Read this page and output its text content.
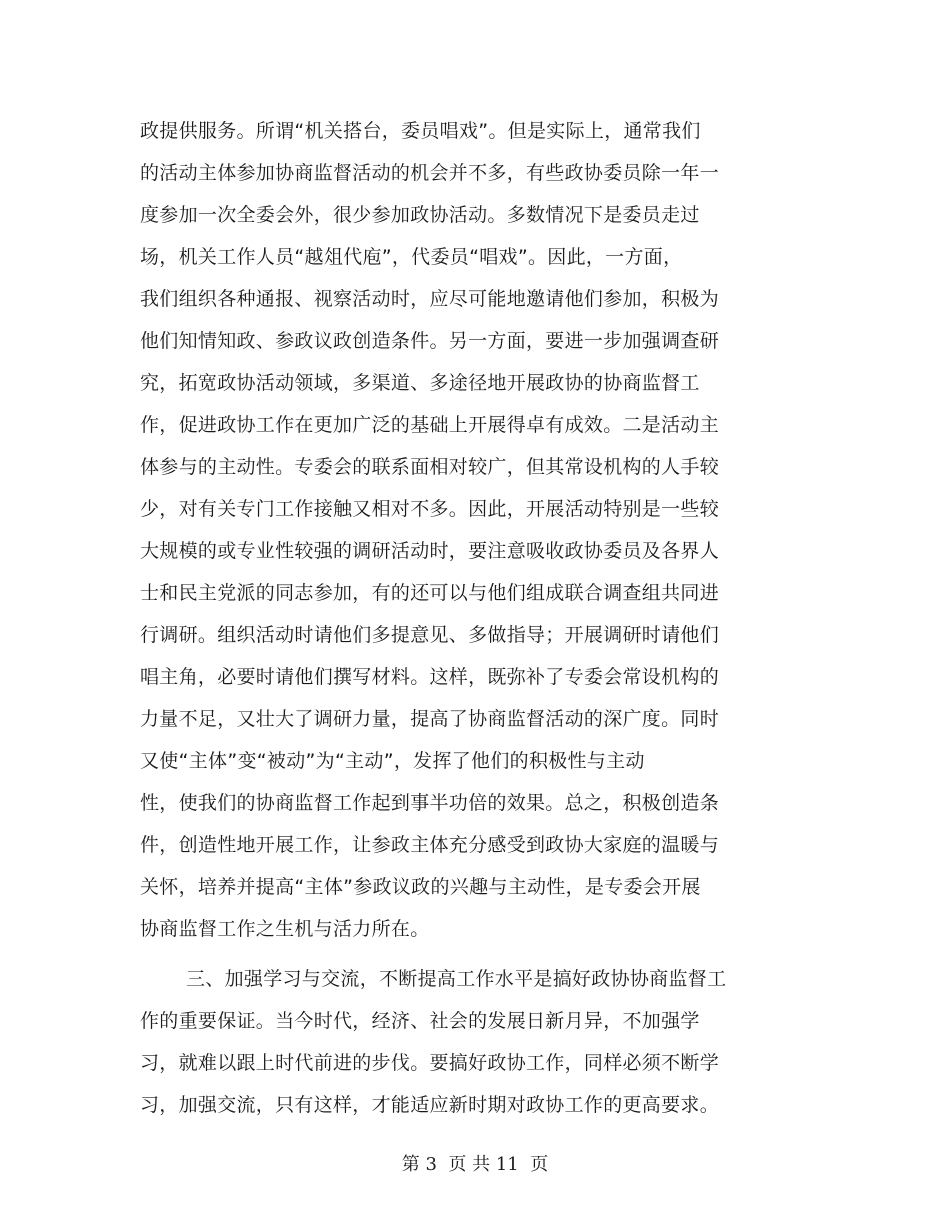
政提供服务。所谓“机关搭台，委员唱戏”。但是实际上，通常我们
的活动主体参加协商监督活动的机会并不多，有些政协委员除一年一
度参加一次全委会外，很少参加政协活动。多数情况下是委员走过
场，机关工作人员“越俎代庖”，代委员“唱戏”。因此，一方面，
我们组织各种通报、视察活动时，应尽可能地邀请他们参加，积极为
他们知情知政、参政议政创造条件。另一方面，要进一步加强调查研
究，拓宽政协活动领域，多渠道、多途径地开展政协的协商监督工
作，促进政协工作在更加广泛的基础上开展得卓有成效。二是活动主
体参与的主动性。专委会的联系面相对较广，但其常设机构的人手较
少，对有关专门工作接触又相对不多。因此，开展活动特别是一些较
大规模的或专业性较强的调研活动时，要注意吸收政协委员及各界人
士和民主党派的同志参加，有的还可以与他们组成联合调查组共同进
行调研。组织活动时请他们多提意见、多做指导；开展调研时请他们
唱主角，必要时请他们撰写材料。这样，既弥补了专委会常设机构的
力量不足，又壮大了调研力量，提高了协商监督活动的深广度。同时
又使“主体”变“被动”为“主动”，发挥了他们的积极性与主动
性，使我们的协商监督工作起到事半功倍的效果。总之，积极创造条
件，创造性地开展工作，让参政主体充分感受到政协大家庭的温暖与
关怀，培养并提高“主体”参政议政的兴趣与主动性，是专委会开展
协商监督工作之生机与活力所在。
三、加强学习与交流，不断提高工作水平是搞好政协协商监督工
作的重要保证。当今时代，经济、社会的发展日新月异，不加强学
习，就难以跟上时代前进的步伐。要搞好政协工作，同样必须不断学
习，加强交流，只有这样，才能适应新时期对政协工作的更高要求。
第 3  页 共 11  页
